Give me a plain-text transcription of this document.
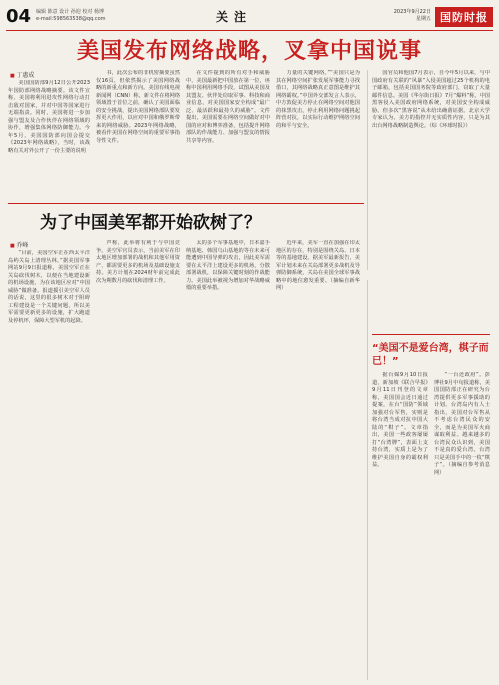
04 编辑 陈意 设计 孙迎 校对 杨博
e-mail:598563538@qq.com	关注	2023年9月22日
星期五 国防时报
美国发布网络战略，叉拿中国说事
■ 丁惠成

美国国防部9月12日公开2023年国防部网络战略摘要。该文件宣称，美国将利用进攻性网络行动打击敌对国家，并对中国等国家进行无端指责。同时，美国将进一步加强与盟友及合作伙伴在网络领域的协作，增强集体网络防御能力。今年5月，美国国防部向国会提交《2023年网络战略》，当时，该战略有关对外公开了一份主要的说明

书，此次公布的非机密摘要虽然仅16页，但依然揭示了美国网络战略的新重点和新方向。美国有线电视新闻网（CNN）称，新文件在将网络领域置于首位之前，确认了美国面临的安全挑战，提出美国网络部队要发挥更大作用，以应对中国和俄罗斯带来的网络威胁。2023年网络战略，被看作美国在网络空间的重要军事指导性文件。

在文件提到的所有对手和威胁中，美国最新把中国放在第一位，诬称中国利用网络手段，试图从美国及其盟友、伙伴处窃取军事、科技和商业信息，对美国国家安全构成“最广泛、最活跃和最持久的威胁”。文件提出，美国需要在网络空间做好对中国的应对和博弈准备，包括提升网络部队的作战能力、加强与盟友的情报共享等内容。

力量的关键网络。”“美国只是为其在网络空间扩张发展军事能力寻找借口，其网络战略真正意图是维护其网络霸权。”中国外交部发言人表示，中方敦促美方停止在网络空间对他国的抹黑攻击，停止利用网络问题挑起阵营对抗，以实际行动维护网络空间的和平与安全。

国官员和他国7月表示，自今年5月以来，与中国政府有关联的“风暴”入侵美国超过25个机构的电子邮箱，包括美国国务院等政府部门，窃取了大量邮件信息。美国《华尔街日报》7月“爆料”称，中国黑客侵入美国政府网络系统，对美国安全构成威胁。但多次“黑客说”从未给出确凿证据。北京大学专家认为，美方的指控并无实质性内容，只是为其出台网络战略制造舆论。（综《环球时报》）

为了中国美军都开始砍树了？
■ 乔峰

“目前，美国空军正在西太平洋岛屿关岛上清理丛林。”据美国军事网站9月9日报道称，美国空军正在关岛砍伐树木，以便在当地建设新的机场设施，为在该地区应对“中国威胁”做准备。报道援引美空军人员的话说，这里的很多树木对于阻碍工程建设是一个关键问题，所以美军需要更新更多的设施，扩大跑道及停机坪，保障大型军机的起降。

声称，此举将有利于与中国竞争。美空军官员表示，当前美军在印太地区增加部署的战机和其他军用资产，都需要更多的机场及基础设施支持。美方计划在2024财年前完成此次为期数月的砍伐和清理工作。

太的多个军事基地中，日本嘉手纳基地、韩国乌山基地的等在未来可能遭到中国导弹的攻击，因此美军需要在太平洋上建设更多的机场，分散部署战机，以保障关键时刻的作战能力。美国此举被视为增加对华战略威慑的重要举措。

近年来，美军一直在加强在印太地区的存在，特别是围绕关岛、日本等的基地建设。据美军最新报告，美军计划未来在关岛部署更多战机及导弹防御系统，关岛在美国全球军事战略中的地位愈发重要。（摘编自新华网）

“美国不是爱台湾，棋子而已！”

据台媒9月10日报道，新加坡《联合早报》9月11日刊登的文章称，美国国会近日通过提案，在台“国防”领域加强对台军售，实则是将台湾当成对抗中国大陆的“棋子”。文章指出，美国一些政客屡屡打“台湾牌”，表面上支持台湾，实质上是为了维护美国自身的霸权利益。

“一台还政府”。彭博社9月中旬报道称，美国国防部正在研究为台湾提供更多军事援助的计划。台湾岛内有人士指出，美国对台军售从不考虑台湾民众的安全，而是为美国军火商谋取利益。越来越多的台湾民众认识到，美国不是真的爱台湾，台湾只是美国手中的一枚“棋子”。（摘编自参考消息网）
